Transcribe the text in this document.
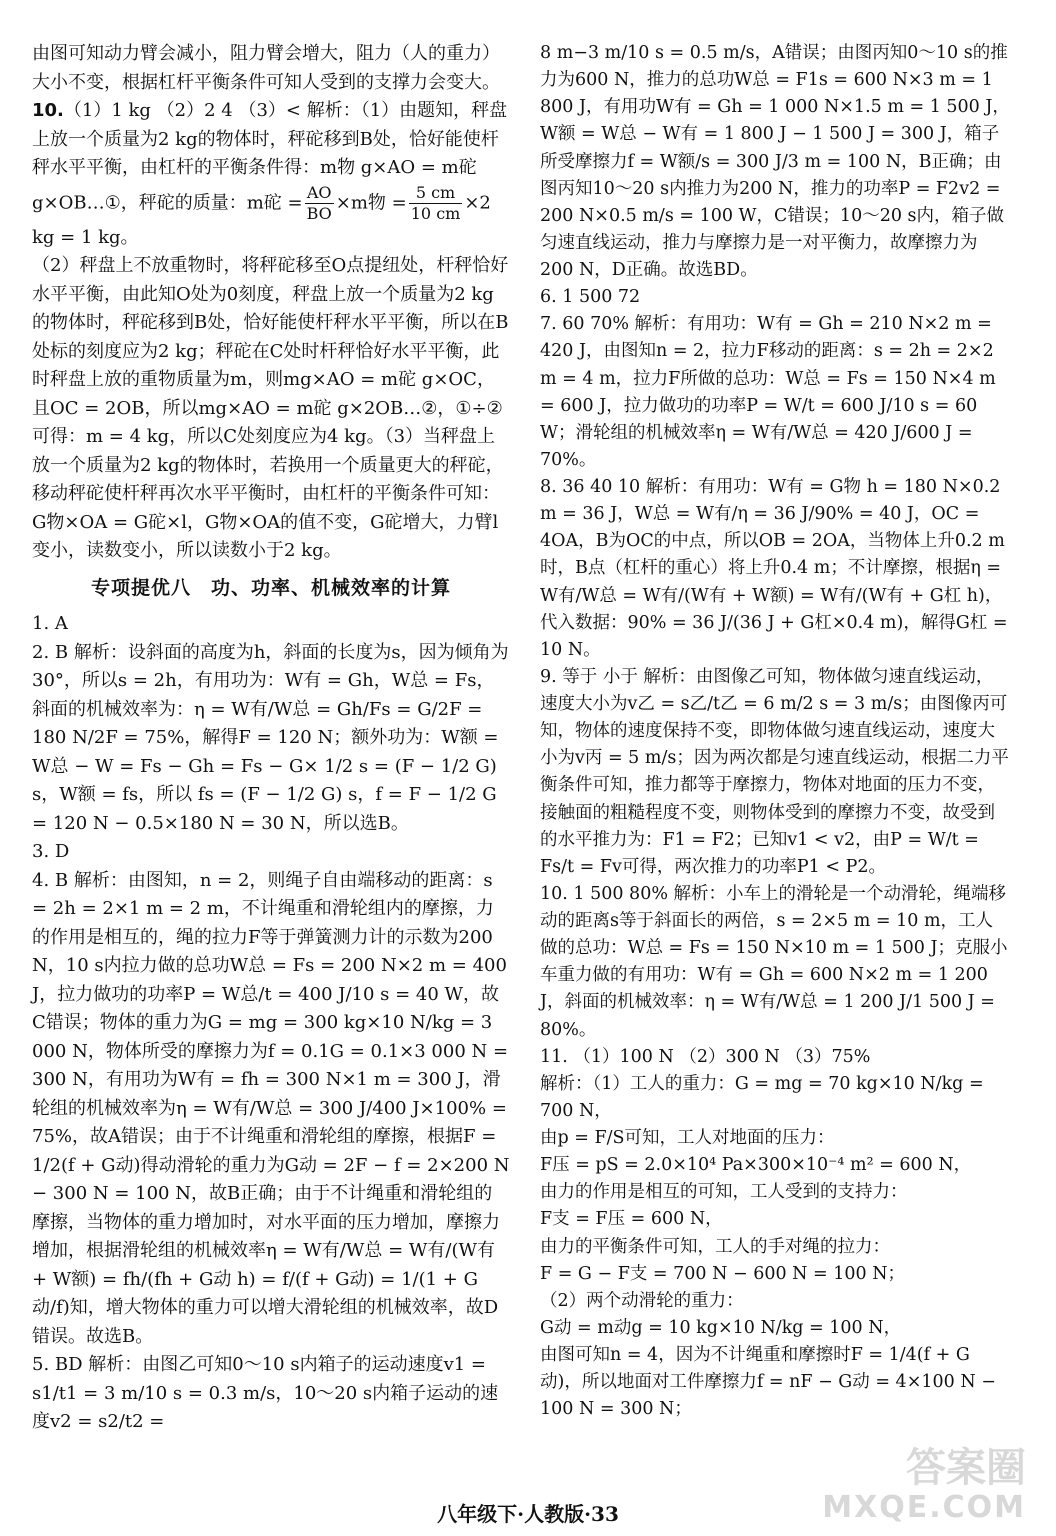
由图可知动力臂会减小，阻力臂会增大，阻力（人的重力）大小不变，根据杠杆平衡条件可知人受到的支撑力会变大。

10.（1）1 kg （2）2 4 （3）< 解析：（1）由题知，秤盘上放一个质量为2 kg的物体时，秤砣移到B处，恰好能使杆秤水平平衡，由杠杆的平衡条件得：m物 g×AO = m砣 g×OB…①，秤砣的质量：m砣 = $\frac{AO}{BO} \times m$物 = $\frac{5 cm}{10 cm} \times 2$ kg = 1 kg。

（2）秤盘上不放重物时，将秤砣移至O点提纽处，杆秤恰好水平平衡，由此知O处为0刻度，秤盘上放一个质量为2 kg的物体时，秤砣移到B处，恰好能使杆秤水平平衡，所以在B处标的刻度应为2 kg；秤砣在C处时杆秤恰好水平平衡，此时秤盘上放的重物质量为m，则mg×AO = m砣 g×OC，且OC = 2OB，所以mg×AO = m砣 g×2OB…②，①÷②可得：m = 4 kg，所以C处刻度应为4 kg。（3）当秤盘上放一个质量为2 kg的物体时，若换用一个质量更大的秤砣，移动秤砣使杆秤再次水平平衡时，由杠杆的平衡条件可知：G物×OA = G砣×l，G物×OA的值不变，G砣增大，力臂l变小，读数变小，所以读数小于2 kg。

专项提优八　功、功率、机械效率的计算

1. A

2. B 解析：设斜面的高度为h，斜面的长度为s，因为倾角为30°，所以s = 2h，有用功为：W有 = Gh，W总 = Fs，斜面的机械效率为：η = W有/W总 = Gh/Fs = G/2F = 180 N/2F = 75%，解得F = 120 N；额外功为：W额 = W总 − W = Fs − Gh = Fs − G× 1/2 s = (F − 1/2 G) s，W额 = fs，所以 fs = (F − 1/2 G) s，f = F − 1/2 G = 120 N − 0.5×180 N = 30 N，所以选B。

3. D

4. B 解析：由图知，n = 2，则绳子自由端移动的距离：s = 2h = 2×1 m = 2 m，不计绳重和滑轮组内的摩擦，力的作用是相互的，绳的拉力F等于弹簧测力计的示数为200 N，10 s内拉力做的总功W总 = Fs = 200 N×2 m = 400 J，拉力做功的功率P = W总/t = 400 J/10 s = 40 W，故C错误；物体的重力为G = mg = 300 kg×10 N/kg = 3 000 N，物体所受的摩擦力为f = 0.1G = 0.1×3 000 N = 300 N，有用功为W有 = fh = 300 N×1 m = 300 J，滑轮组的机械效率为η = W有/W总 = 300 J/400 J×100% = 75%，故A错误；由于不计绳重和滑轮组的摩擦，根据F = 1/2(f + G动)得动滑轮的重力为G动 = 2F − f = 2×200 N − 300 N = 100 N，故B正确；由于不计绳重和滑轮组的摩擦，当物体的重力增加时，对水平面的压力增加，摩擦力增加，根据滑轮组的机械效率η = W有/W总 = W有/(W有 + W额) = fh/(fh + G动 h) = f/(f + G动) = 1/(1 + G动/f)知，增大物体的重力可以增大滑轮组的机械效率，故D错误。故选B。

5. BD 解析：由图乙可知0～10 s内箱子的运动速度v1 = s1/t1 = 3 m/10 s = 0.3 m/s，10～20 s内箱子运动的速度v2 = s2/t2 =

8 m−3 m/10 s = 0.5 m/s，A错误；由图丙知0～10 s的推力为600 N，推力的总功W总 = F1s = 600 N×3 m = 1 800 J，有用功W有 = Gh = 1 000 N×1.5 m = 1 500 J，W额 = W总 − W有 = 1 800 J − 1 500 J = 300 J，箱子所受摩擦力f = W额/s = 300 J/3 m = 100 N，B正确；由图丙知10～20 s内推力为200 N，推力的功率P = F2v2 = 200 N×0.5 m/s = 100 W，C错误；10～20 s内，箱子做匀速直线运动，推力与摩擦力是一对平衡力，故摩擦力为200 N，D正确。故选BD。

6. 1 500 72

7. 60 70% 解析：有用功：W有 = Gh = 210 N×2 m = 420 J，由图知n = 2，拉力F移动的距离：s = 2h = 2×2 m = 4 m，拉力F所做的总功：W总 = Fs = 150 N×4 m = 600 J，拉力做功的功率P = W/t = 600 J/10 s = 60 W；滑轮组的机械效率η = W有/W总 = 420 J/600 J = 70%。

8. 36 40 10 解析：有用功：W有 = G物 h = 180 N×0.2 m = 36 J，W总 = W有/η = 36 J/90% = 40 J，OC = 4OA，B为OC的中点，所以OB = 2OA，当物体上升0.2 m时，B点（杠杆的重心）将上升0.4 m；不计摩擦，根据η = W有/W总 = W有/(W有 + W额) = W有/(W有 + G杠 h)，代入数据：90% = 36 J/(36 J + G杠×0.4 m)，解得G杠 = 10 N。

9. 等于 小于 解析：由图像乙可知，物体做匀速直线运动，速度大小为v乙 = s乙/t乙 = 6 m/2 s = 3 m/s；由图像丙可知，物体的速度保持不变，即物体做匀速直线运动，速度大小为v丙 = 5 m/s；因为两次都是匀速直线运动，根据二力平衡条件可知，推力都等于摩擦力，物体对地面的压力不变，接触面的粗糙程度不变，则物体受到的摩擦力不变，故受到的水平推力为：F1 = F2；已知v1 < v2，由P = W/t = Fs/t = Fv可得，两次推力的功率P1 < P2。

10. 1 500 80% 解析：小车上的滑轮是一个动滑轮，绳端移动的距离s等于斜面长的两倍，s = 2×5 m = 10 m，工人做的总功：W总 = Fs = 150 N×10 m = 1 500 J；克服小车重力做的有用功：W有 = Gh = 600 N×2 m = 1 200 J，斜面的机械效率：η = W有/W总 = 1 200 J/1 500 J = 80%。

11. （1）100 N （2）300 N （3）75%

解析：（1）工人的重力：G = mg = 70 kg×10 N/kg = 700 N，

由p = F/S可知，工人对地面的压力：

F压 = pS = 2.0×10⁴ Pa×300×10⁻⁴ m² = 600 N，

由力的作用是相互的可知，工人受到的支持力：

F支 = F压 = 600 N，

由力的平衡条件可知，工人的手对绳的拉力：

F = G − F支 = 700 N − 600 N = 100 N；

（2）两个动滑轮的重力：

G动 = m动g = 10 kg×10 N/kg = 100 N，

由图可知n = 4，因为不计绳重和摩擦时F = 1/4(f + G动)，所以地面对工件摩擦力f = nF − G动 = 4×100 N − 100 N = 300 N；

答案圈
MXQE.COM
八年级下·人教版·33
